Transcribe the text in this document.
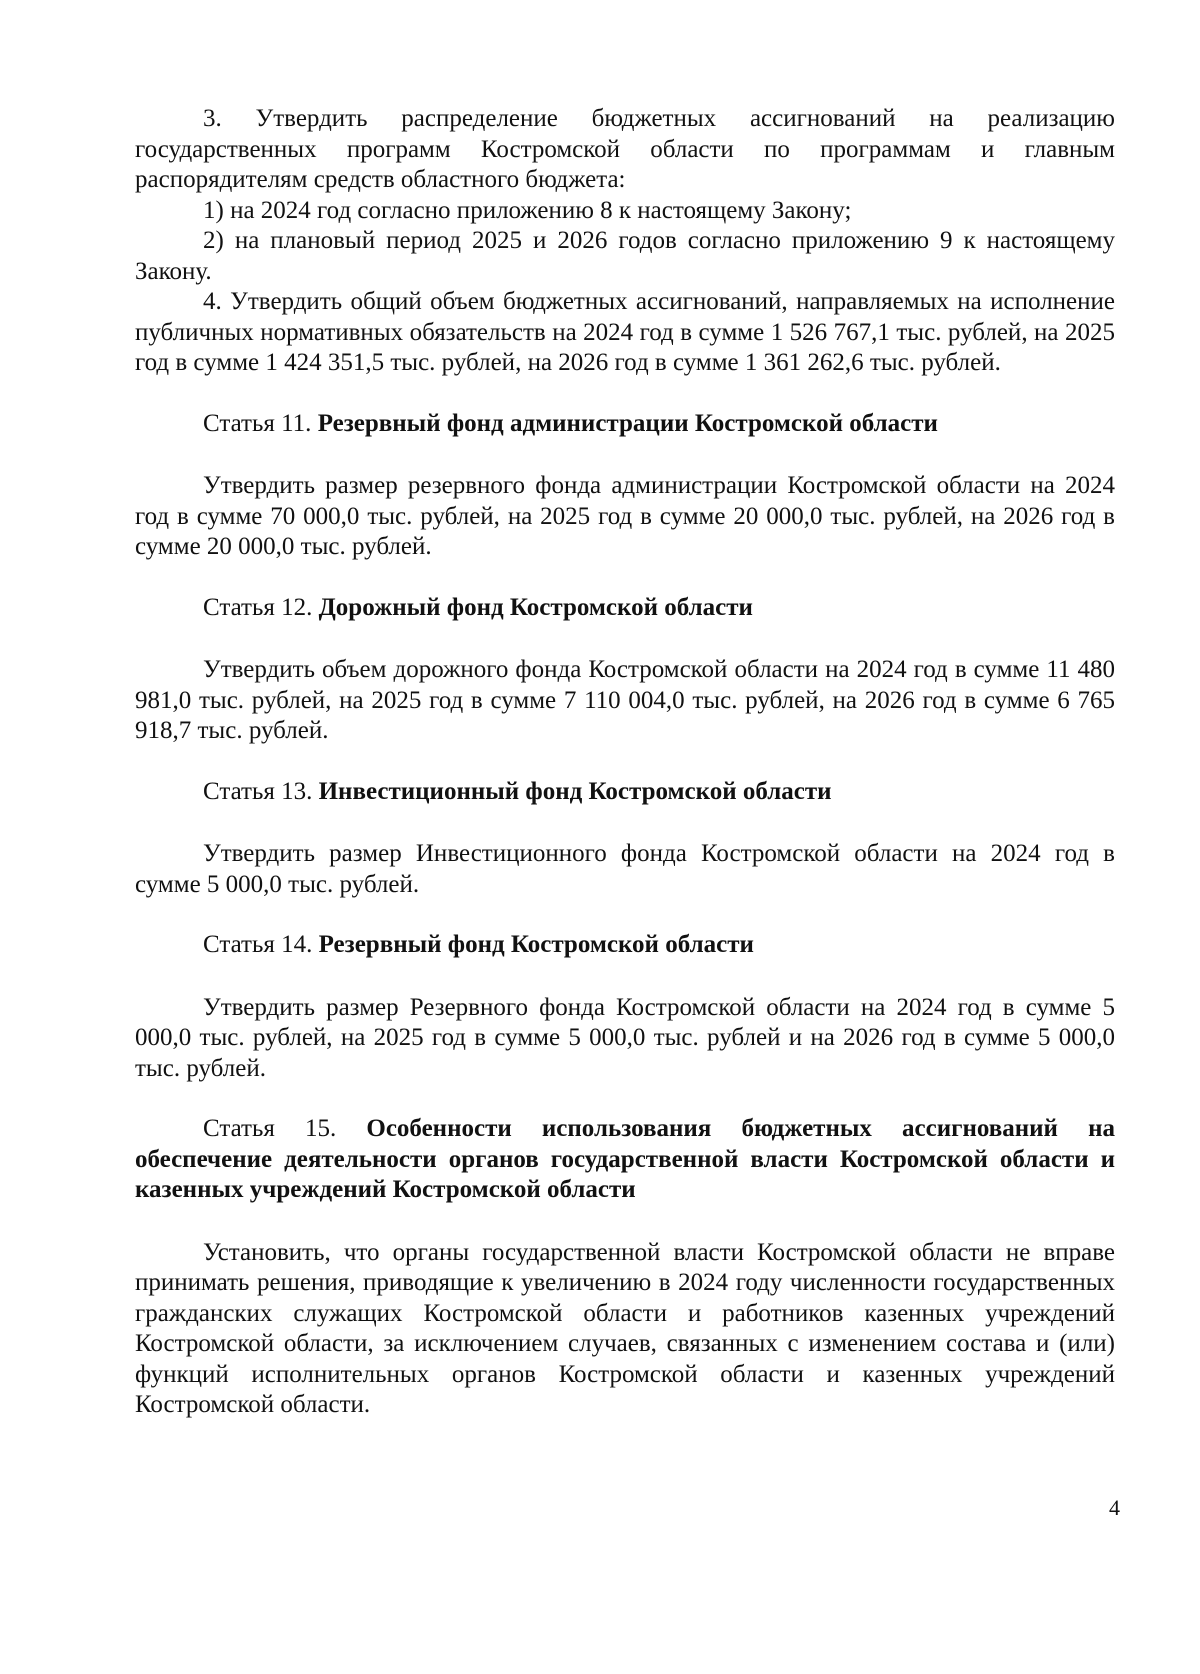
3. Утвердить распределение бюджетных ассигнований на реализацию государственных программ Костромской области по программам и главным распорядителям средств областного бюджета:

1) на 2024 год согласно приложению 8 к настоящему Закону;

2) на плановый период 2025 и 2026 годов согласно приложению 9 к настоящему Закону.

4. Утвердить общий объем бюджетных ассигнований, направляемых на исполнение публичных нормативных обязательств на 2024 год в сумме 1 526 767,1 тыс. рублей, на 2025 год в сумме 1 424 351,5 тыс. рублей, на 2026 год в сумме 1 361 262,6 тыс. рублей.

Статья 11. Резервный фонд администрации Костромской области

Утвердить размер резервного фонда администрации Костромской области на 2024 год в сумме 70 000,0 тыс. рублей, на 2025 год в сумме 20 000,0 тыс. рублей, на 2026 год в сумме 20 000,0 тыс. рублей.

Статья 12. Дорожный фонд Костромской области

Утвердить объем дорожного фонда Костромской области на 2024 год в сумме 11 480 981,0 тыс. рублей, на 2025 год в сумме 7 110 004,0 тыс. рублей, на 2026 год в сумме 6 765 918,7 тыс. рублей.

Статья 13. Инвестиционный фонд Костромской области

Утвердить размер Инвестиционного фонда Костромской области на 2024 год в сумме 5 000,0 тыс. рублей.

Статья 14. Резервный фонд Костромской области

Утвердить размер Резервного фонда Костромской области на 2024 год в сумме 5 000,0 тыс. рублей, на 2025 год в сумме 5 000,0 тыс. рублей и на 2026 год в сумме 5 000,0 тыс. рублей.

Статья 15. Особенности использования бюджетных ассигнований на обеспечение деятельности органов государственной власти Костромской области и казенных учреждений Костромской области

Установить, что органы государственной власти Костромской области не вправе принимать решения, приводящие к увеличению в 2024 году численности государственных гражданских служащих Костромской области и работников казенных учреждений Костромской области, за исключением случаев, связанных с изменением состава и (или) функций исполнительных органов Костромской области и казенных учреждений Костромской области.

4
